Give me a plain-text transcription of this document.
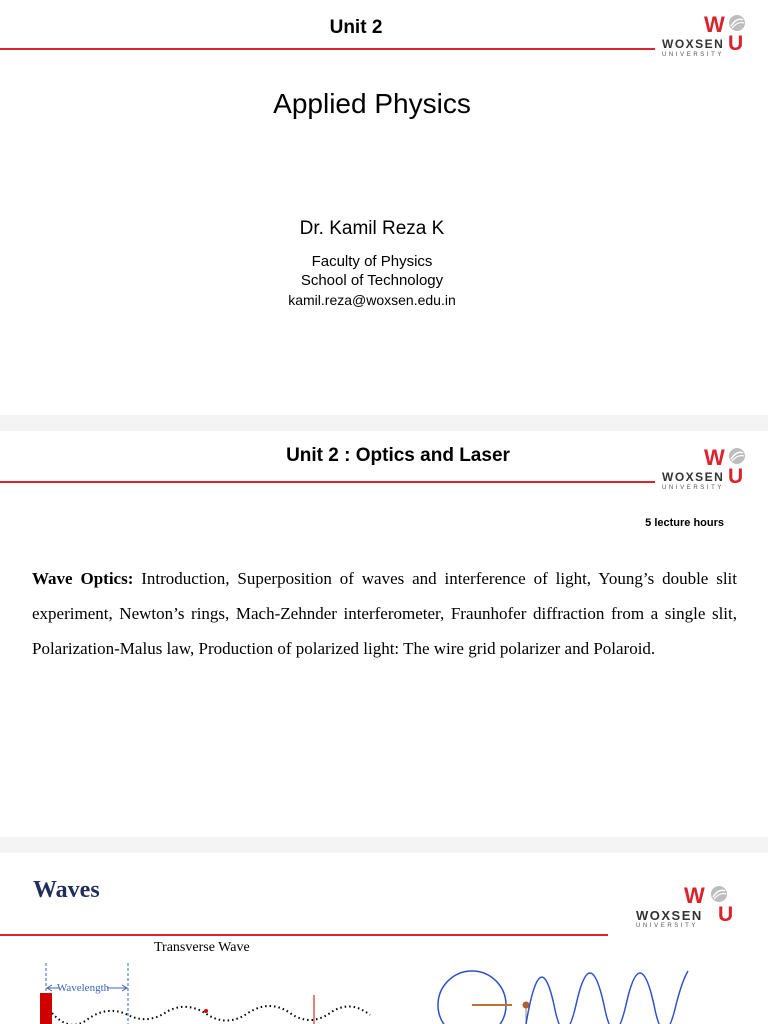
Unit 2	W
WOXSEN U
UNIVERSITY
Applied Physics
Dr. Kamil Reza K
Faculty of Physics
School of Technology
kamil.reza@woxsen.edu.in
Unit 2 : Optics and Laser	W
WOXSEN U
UNIVERSITY
5 lecture hours
Wave Optics: Introduction, Superposition of waves and interference of light, Young’s double slit experiment, Newton’s rings, Mach-Zehnder interferometer, Fraunhofer diffraction from a single slit, Polarization-Malus law, Production of polarized light: The wire grid polarizer and Polaroid.
Waves	W
WOXSEN U
UNIVERSITY
Transverse Wave
Wavelength
